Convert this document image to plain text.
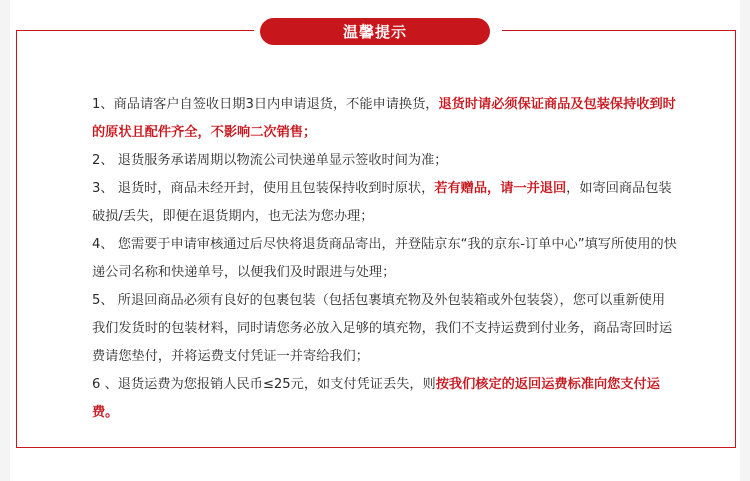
温馨提示
1、商品请客户自签收日期3日内申请退货，不能申请换货，退货时请必须保证商品及包装保持收到时的原状且配件齐全，不影响二次销售；
2、 退货服务承诺周期以物流公司快递单显示签收时间为准；
3、 退货时，商品未经开封，使用且包装保持收到时原状，若有赠品，请一并退回，如寄回商品包装破损/丢失，即便在退货期内，也无法为您办理；
4、 您需要于申请审核通过后尽快将退货商品寄出，并登陆京东“我的京东-订单中心”填写所使用的快递公司名称和快递单号，以便我们及时跟进与处理；
5、 所退回商品必须有良好的包裹包装（包括包裹填充物及外包装箱或外包装袋），您可以重新使用我们发货时的包装材料，同时请您务必放入足够的填充物，我们不支持运费到付业务，商品寄回时运费请您垫付，并将运费支付凭证一并寄给我们；
6 、退货运费为您报销人民币≤25元，如支付凭证丢失，则按我们核定的返回运费标准向您支付运费。
